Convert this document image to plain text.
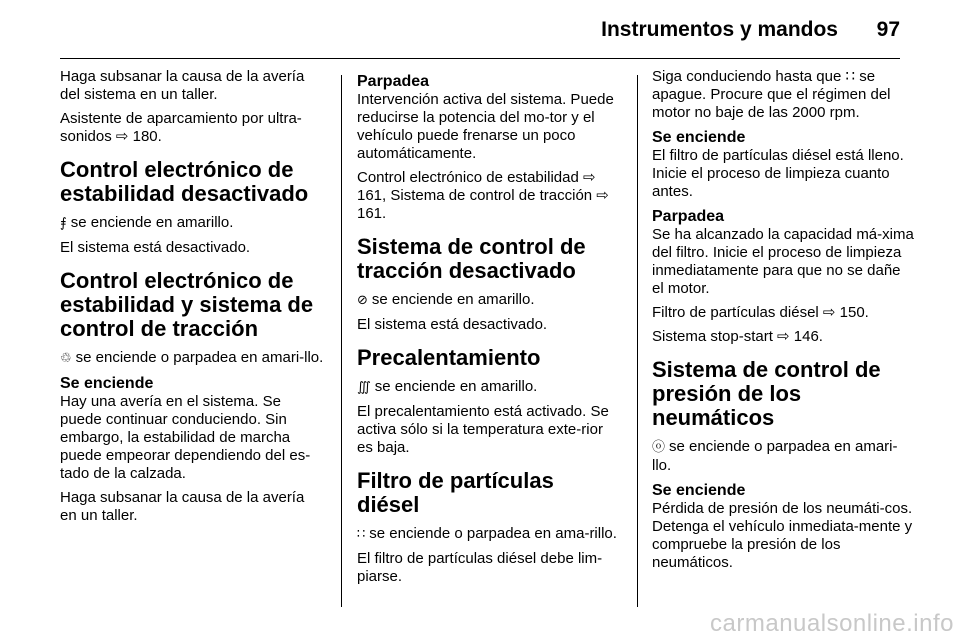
Instrumentos y mandos 97

Haga subsanar la causa de la avería del sistema en un taller.

Asistente de aparcamiento por ultra-sonidos ⇨ 180.

Control electrónico de estabilidad desactivado

⨎ se enciende en amarillo.

El sistema está desactivado.

Control electrónico de estabilidad y sistema de control de tracción

♲ se enciende o parpadea en amari-llo.

Se enciende

Hay una avería en el sistema. Se puede continuar conduciendo. Sin embargo, la estabilidad de marcha puede empeorar dependiendo del es-tado de la calzada.

Haga subsanar la causa de la avería en un taller.

Parpadea

Intervención activa del sistema. Puede reducirse la potencia del mo-tor y el vehículo puede frenarse un poco automáticamente.

Control electrónico de estabilidad ⇨ 161, Sistema de control de tracción ⇨ 161.

Sistema de control de tracción desactivado

⊘ se enciende en amarillo.

El sistema está desactivado.

Precalentamiento

∭ se enciende en amarillo.

El precalentamiento está activado. Se activa sólo si la temperatura exte-rior es baja.

Filtro de partículas diésel

∷ se enciende o parpadea en ama-rillo.

El filtro de partículas diésel debe lim-piarse.

Siga conduciendo hasta que ∷ se apague. Procure que el régimen del motor no baje de las 2000 rpm.

Se enciende

El filtro de partículas diésel está lleno. Inicie el proceso de limpieza cuanto antes.

Parpadea

Se ha alcanzado la capacidad má-xima del filtro. Inicie el proceso de limpieza inmediatamente para que no se dañe el motor.

Filtro de partículas diésel ⇨ 150.

Sistema stop-start ⇨ 146.

Sistema de control de presión de los neumáticos

ⓞ se enciende o parpadea en amari-llo.

Se enciende

Pérdida de presión de los neumáti-cos. Detenga el vehículo inmediata-mente y compruebe la presión de los neumáticos.

carmanualsonline.info
